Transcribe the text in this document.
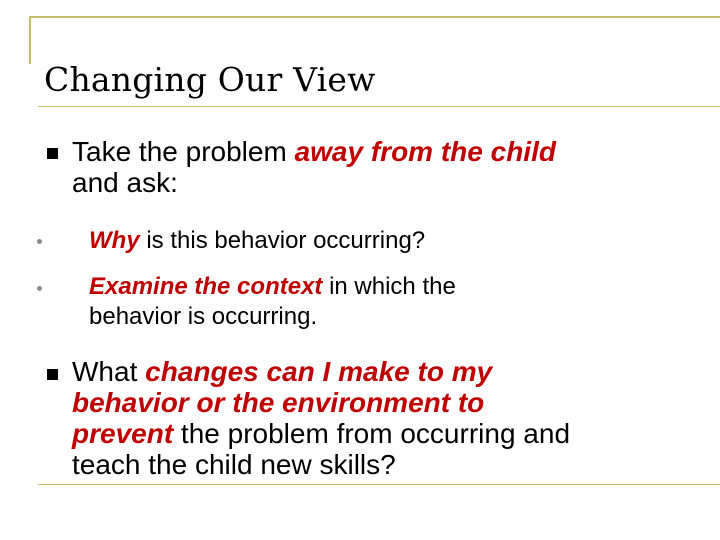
Changing Our View
Take the problem away from the child
and ask:
Why is this behavior occurring?
Examine the context in which the
behavior is occurring.
What changes can I make to my
behavior or the environment to
prevent the problem from occurring and
teach the child new skills?
